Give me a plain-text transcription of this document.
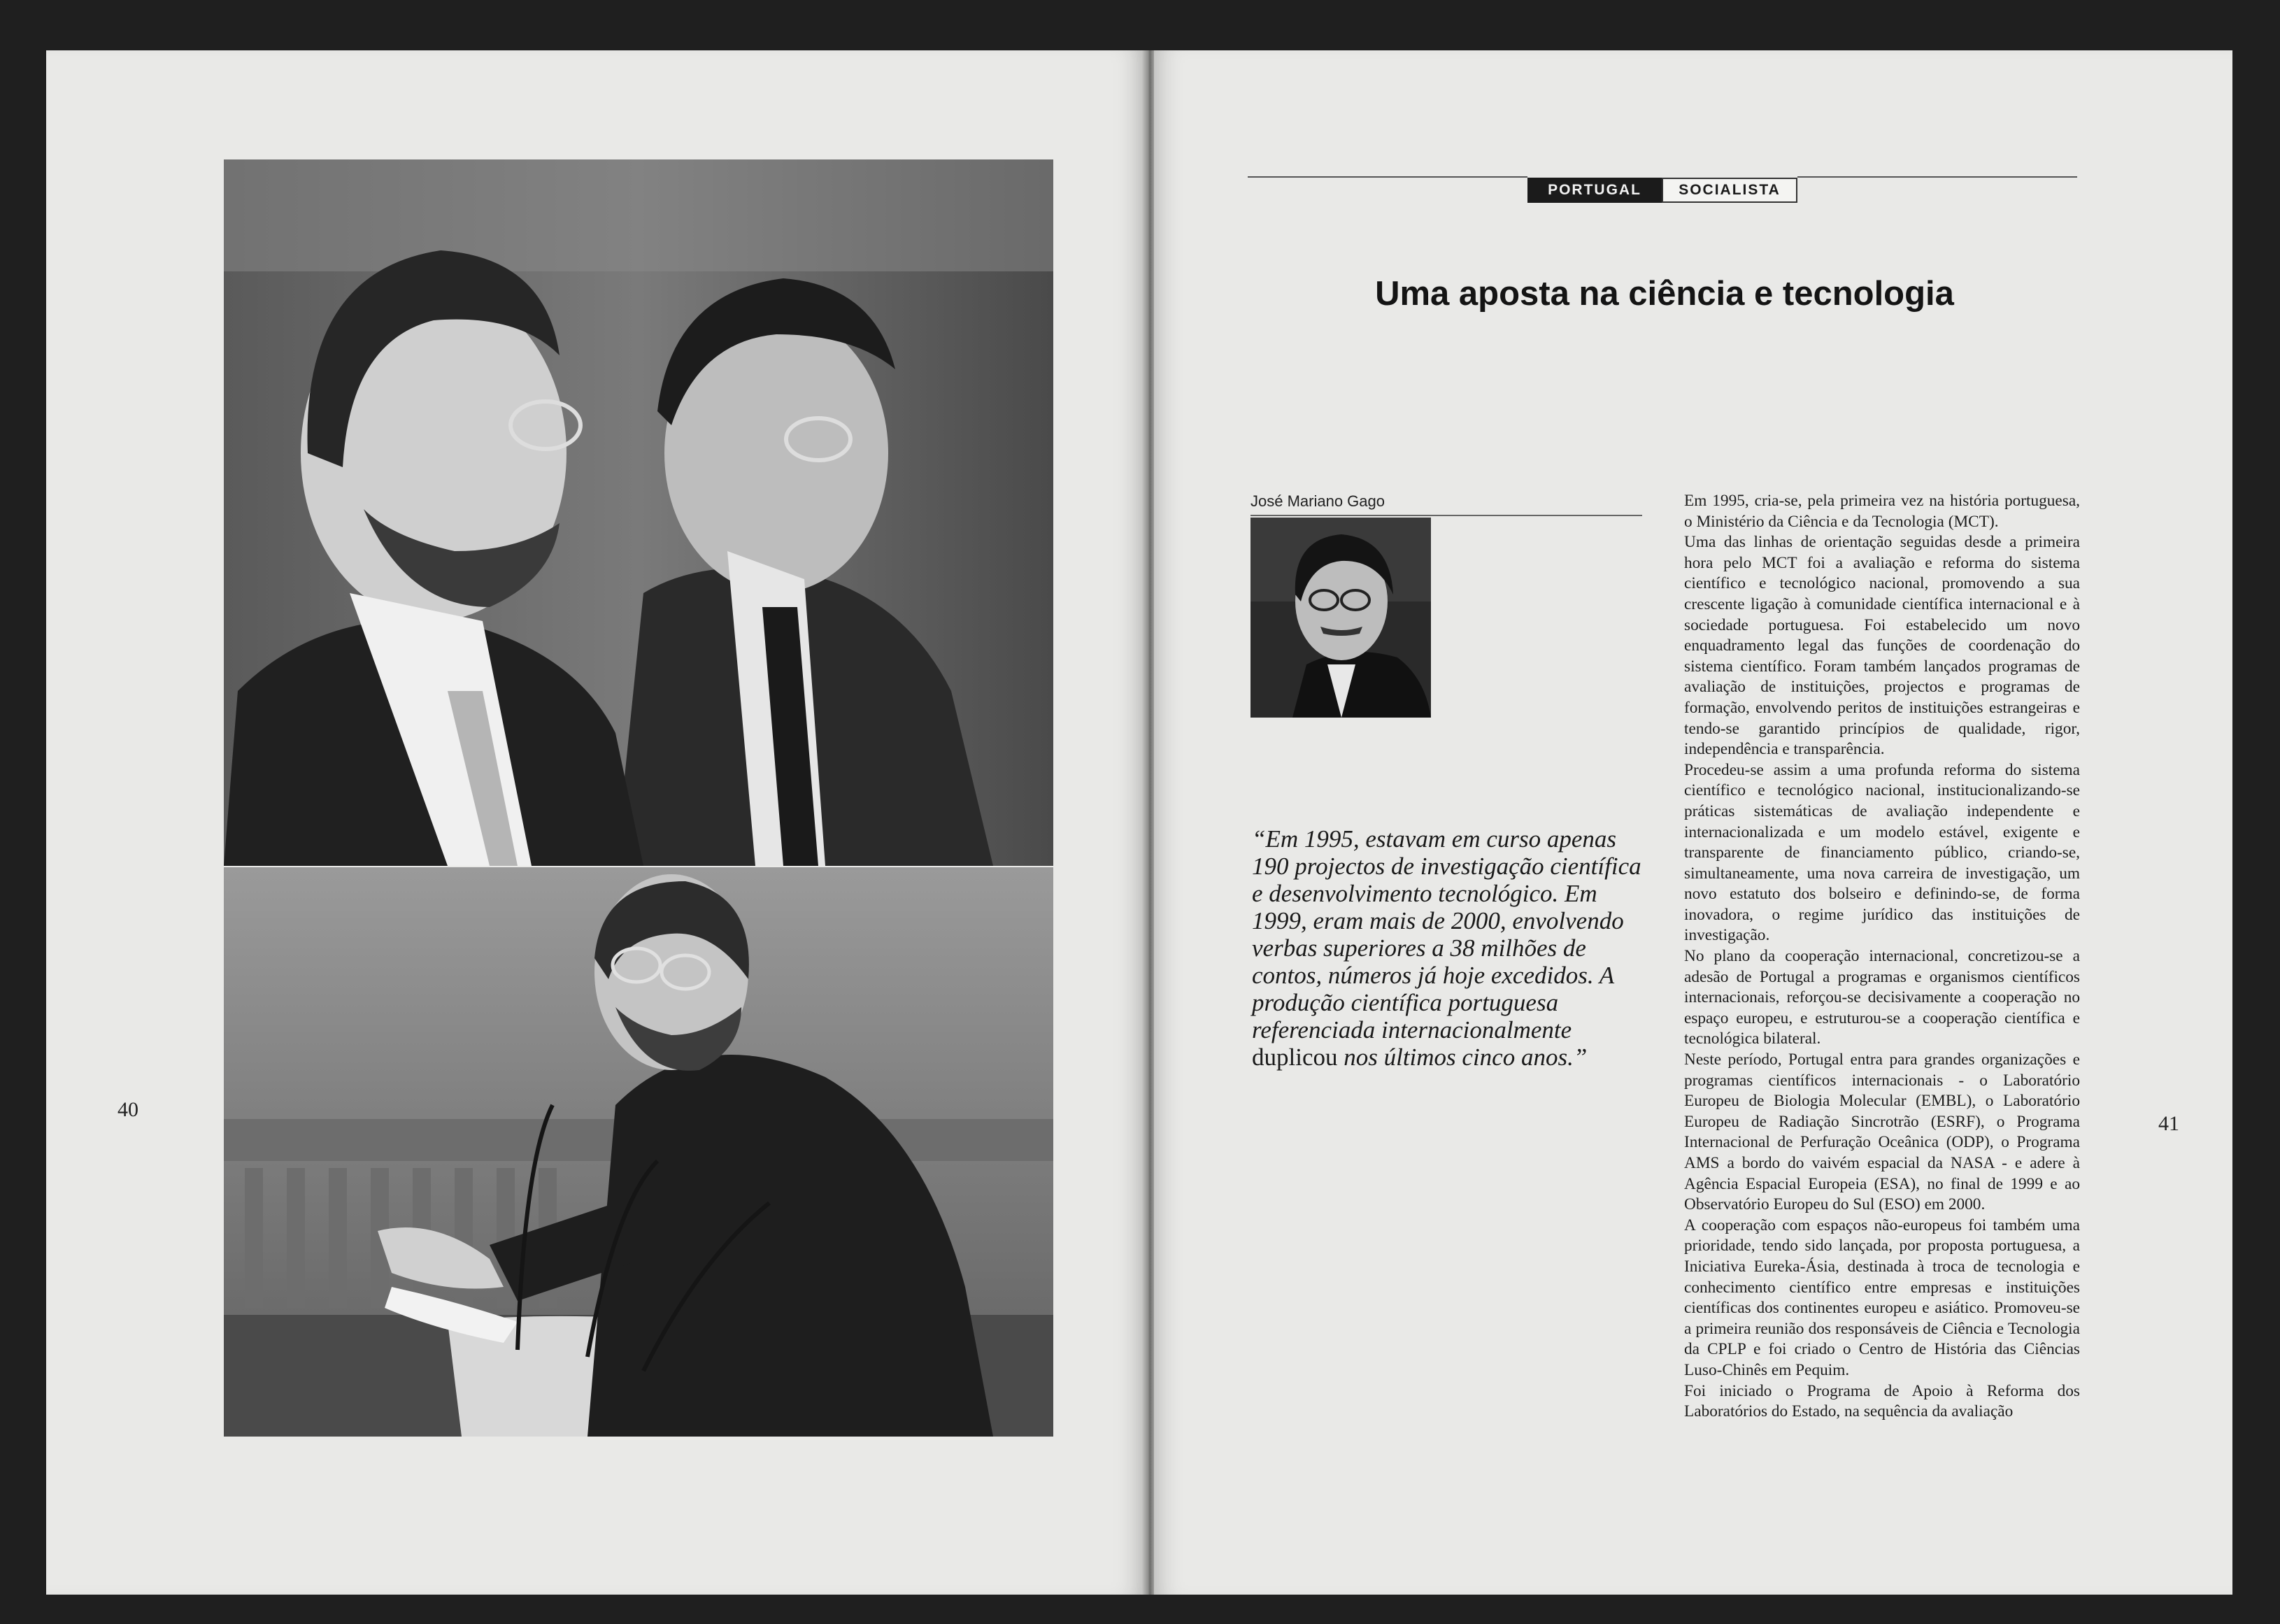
40
PORTUGAL	SOCIALISTA
Uma aposta na ciência e tecnologia
José Mariano Gago
“Em 1995, estavam em curso apenas 190 projectos de investigação científica e desenvolvimento tecnológico. Em 1999, eram mais de 2000, envolvendo verbas superiores a 38 milhões de contos, números já hoje excedidos. A produção científica portuguesa referenciada internacionalmente duplicou nos últimos cinco anos.”

Em 1995, cria-se, pela primeira vez na história portuguesa, o Ministério da Ciência e da Tecnologia (MCT).

Uma das linhas de orientação seguidas desde a primeira hora pelo MCT foi a avaliação e reforma do sistema científico e tecnológico nacional, promovendo a sua crescente ligação à comunidade científica internacional e à sociedade portuguesa. Foi estabelecido um novo enquadramento legal das funções de coordenação do sistema científico. Foram também lançados programas de avaliação de instituições, projectos e programas de formação, envolvendo peritos de instituições estrangeiras e tendo-se garantido princípios de qualidade, rigor, independência e transparência.

Procedeu-se assim a uma profunda reforma do sistema científico e tecnológico nacional, institucionalizando-se práticas sistemáticas de avaliação independente e internacionalizada e um modelo estável, exigente e transparente de financiamento público, criando-se, simultaneamente, uma nova carreira de investigação, um novo estatuto dos bolseiro e definindo-se, de forma inovadora, o regime jurídico das instituições de investigação.

No plano da cooperação internacional, concretizou-se a adesão de Portugal a programas e organismos científicos internacionais, reforçou-se decisivamente a cooperação no espaço europeu, e estruturou-se a cooperação científica e tecnológica bilateral.

Neste período, Portugal entra para grandes organizações e programas científicos internacionais - o Laboratório Europeu de Biologia Molecular (EMBL), o Laboratório Europeu de Radiação Sincrotrão (ESRF), o Programa Internacional de Perfuração Oceânica (ODP), o Programa AMS a bordo do vaivém espacial da NASA - e adere à Agência Espacial Europeia (ESA), no final de 1999 e ao Observatório Europeu do Sul (ESO) em 2000.

A cooperação com espaços não-europeus foi também uma prioridade, tendo sido lançada, por proposta portuguesa, a Iniciativa Eureka-Ásia, destinada à troca de tecnologia e conhecimento científico entre empresas e instituições científicas dos continentes europeu e asiático. Promoveu-se a primeira reunião dos responsáveis de Ciência e Tecnologia da CPLP e foi criado o Centro de História das Ciências Luso-Chinês em Pequim.

Foi iniciado o Programa de Apoio à Reforma dos Laboratórios do Estado, na sequência da avaliação

41
